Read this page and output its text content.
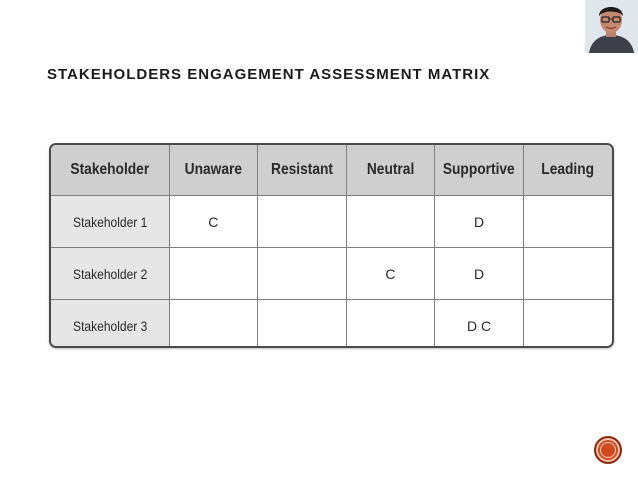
STAKEHOLDERS ENGAGEMENT ASSESSMENT MATRIX
Stakeholder	Unaware	Resistant	Neutral	Supportive	Leading
Stakeholder 1	C			D	
Stakeholder 2			C	D	
Stakeholder 3				D C	
